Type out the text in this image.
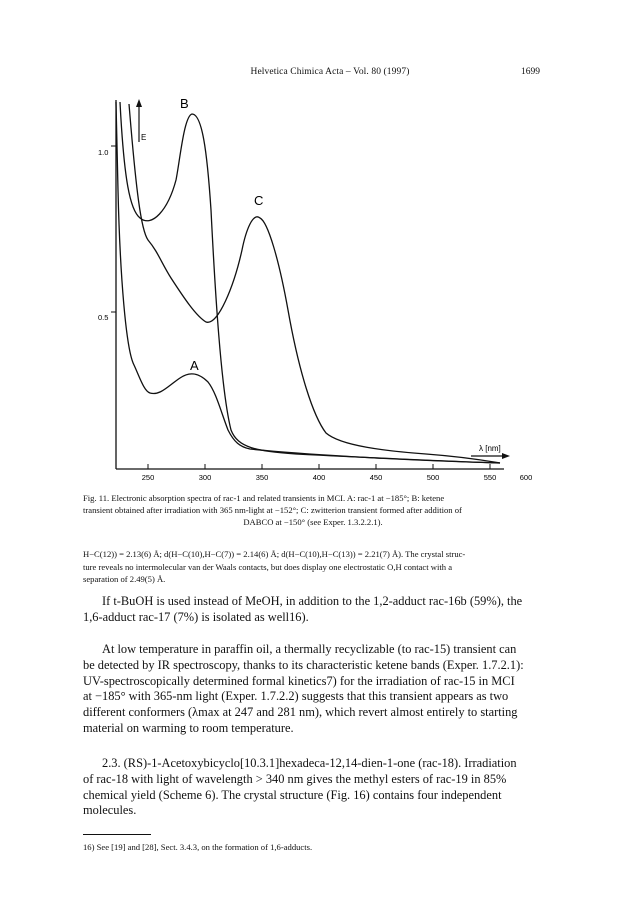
Helvetica Chimica Acta – Vol. 80 (1997)	1699
1.0
0.5
E
250	300	350	400	450	500	550	600
λ [nm]
B
C
A
Fig. 11. Electronic absorption spectra of rac-1 and related transients in MCI. A: rac-1 at −185°; B: ketene
transient obtained after irradiation with 365 nm-light at −152°; C: zwitterion transient formed after addition of
DABCO at −150° (see Exper. 1.3.2.2.1).
H−C(12)) = 2.13(6) Å; d(H−C(10),H−C(7)) = 2.14(6) Å; d(H−C(10),H−C(13)) = 2.21(7) Å). The crystal struc-
ture reveals no intermolecular van der Waals contacts, but does display one electrostatic O,H contact with a
separation of 2.49(5) Å.
If t-BuOH is used instead of MeOH, in addition to the 1,2-adduct rac-16b (59%), the
1,6-adduct rac-17 (7%) is isolated as well16).
At low temperature in paraffin oil, a thermally recyclizable (to rac-15) transient can
be detected by IR spectroscopy, thanks to its characteristic ketene bands (Exper. 1.7.2.1):
UV-spectroscopically determined formal kinetics7) for the irradiation of rac-15 in MCI
at −185° with 365-nm light (Exper. 1.7.2.2) suggests that this transient appears as two
different conformers (λmax at 247 and 281 nm), which revert almost entirely to starting
material on warming to room temperature.
2.3. (RS)-1-Acetoxybicyclo[10.3.1]hexadeca-12,14-dien-1-one (rac-18). Irradiation
of rac-18 with light of wavelength > 340 nm gives the methyl esters of rac-19 in 85%
chemical yield (Scheme 6). The crystal structure (Fig. 16) contains four independent
molecules.
16) See [19] and [28], Sect. 3.4.3, on the formation of 1,6-adducts.
